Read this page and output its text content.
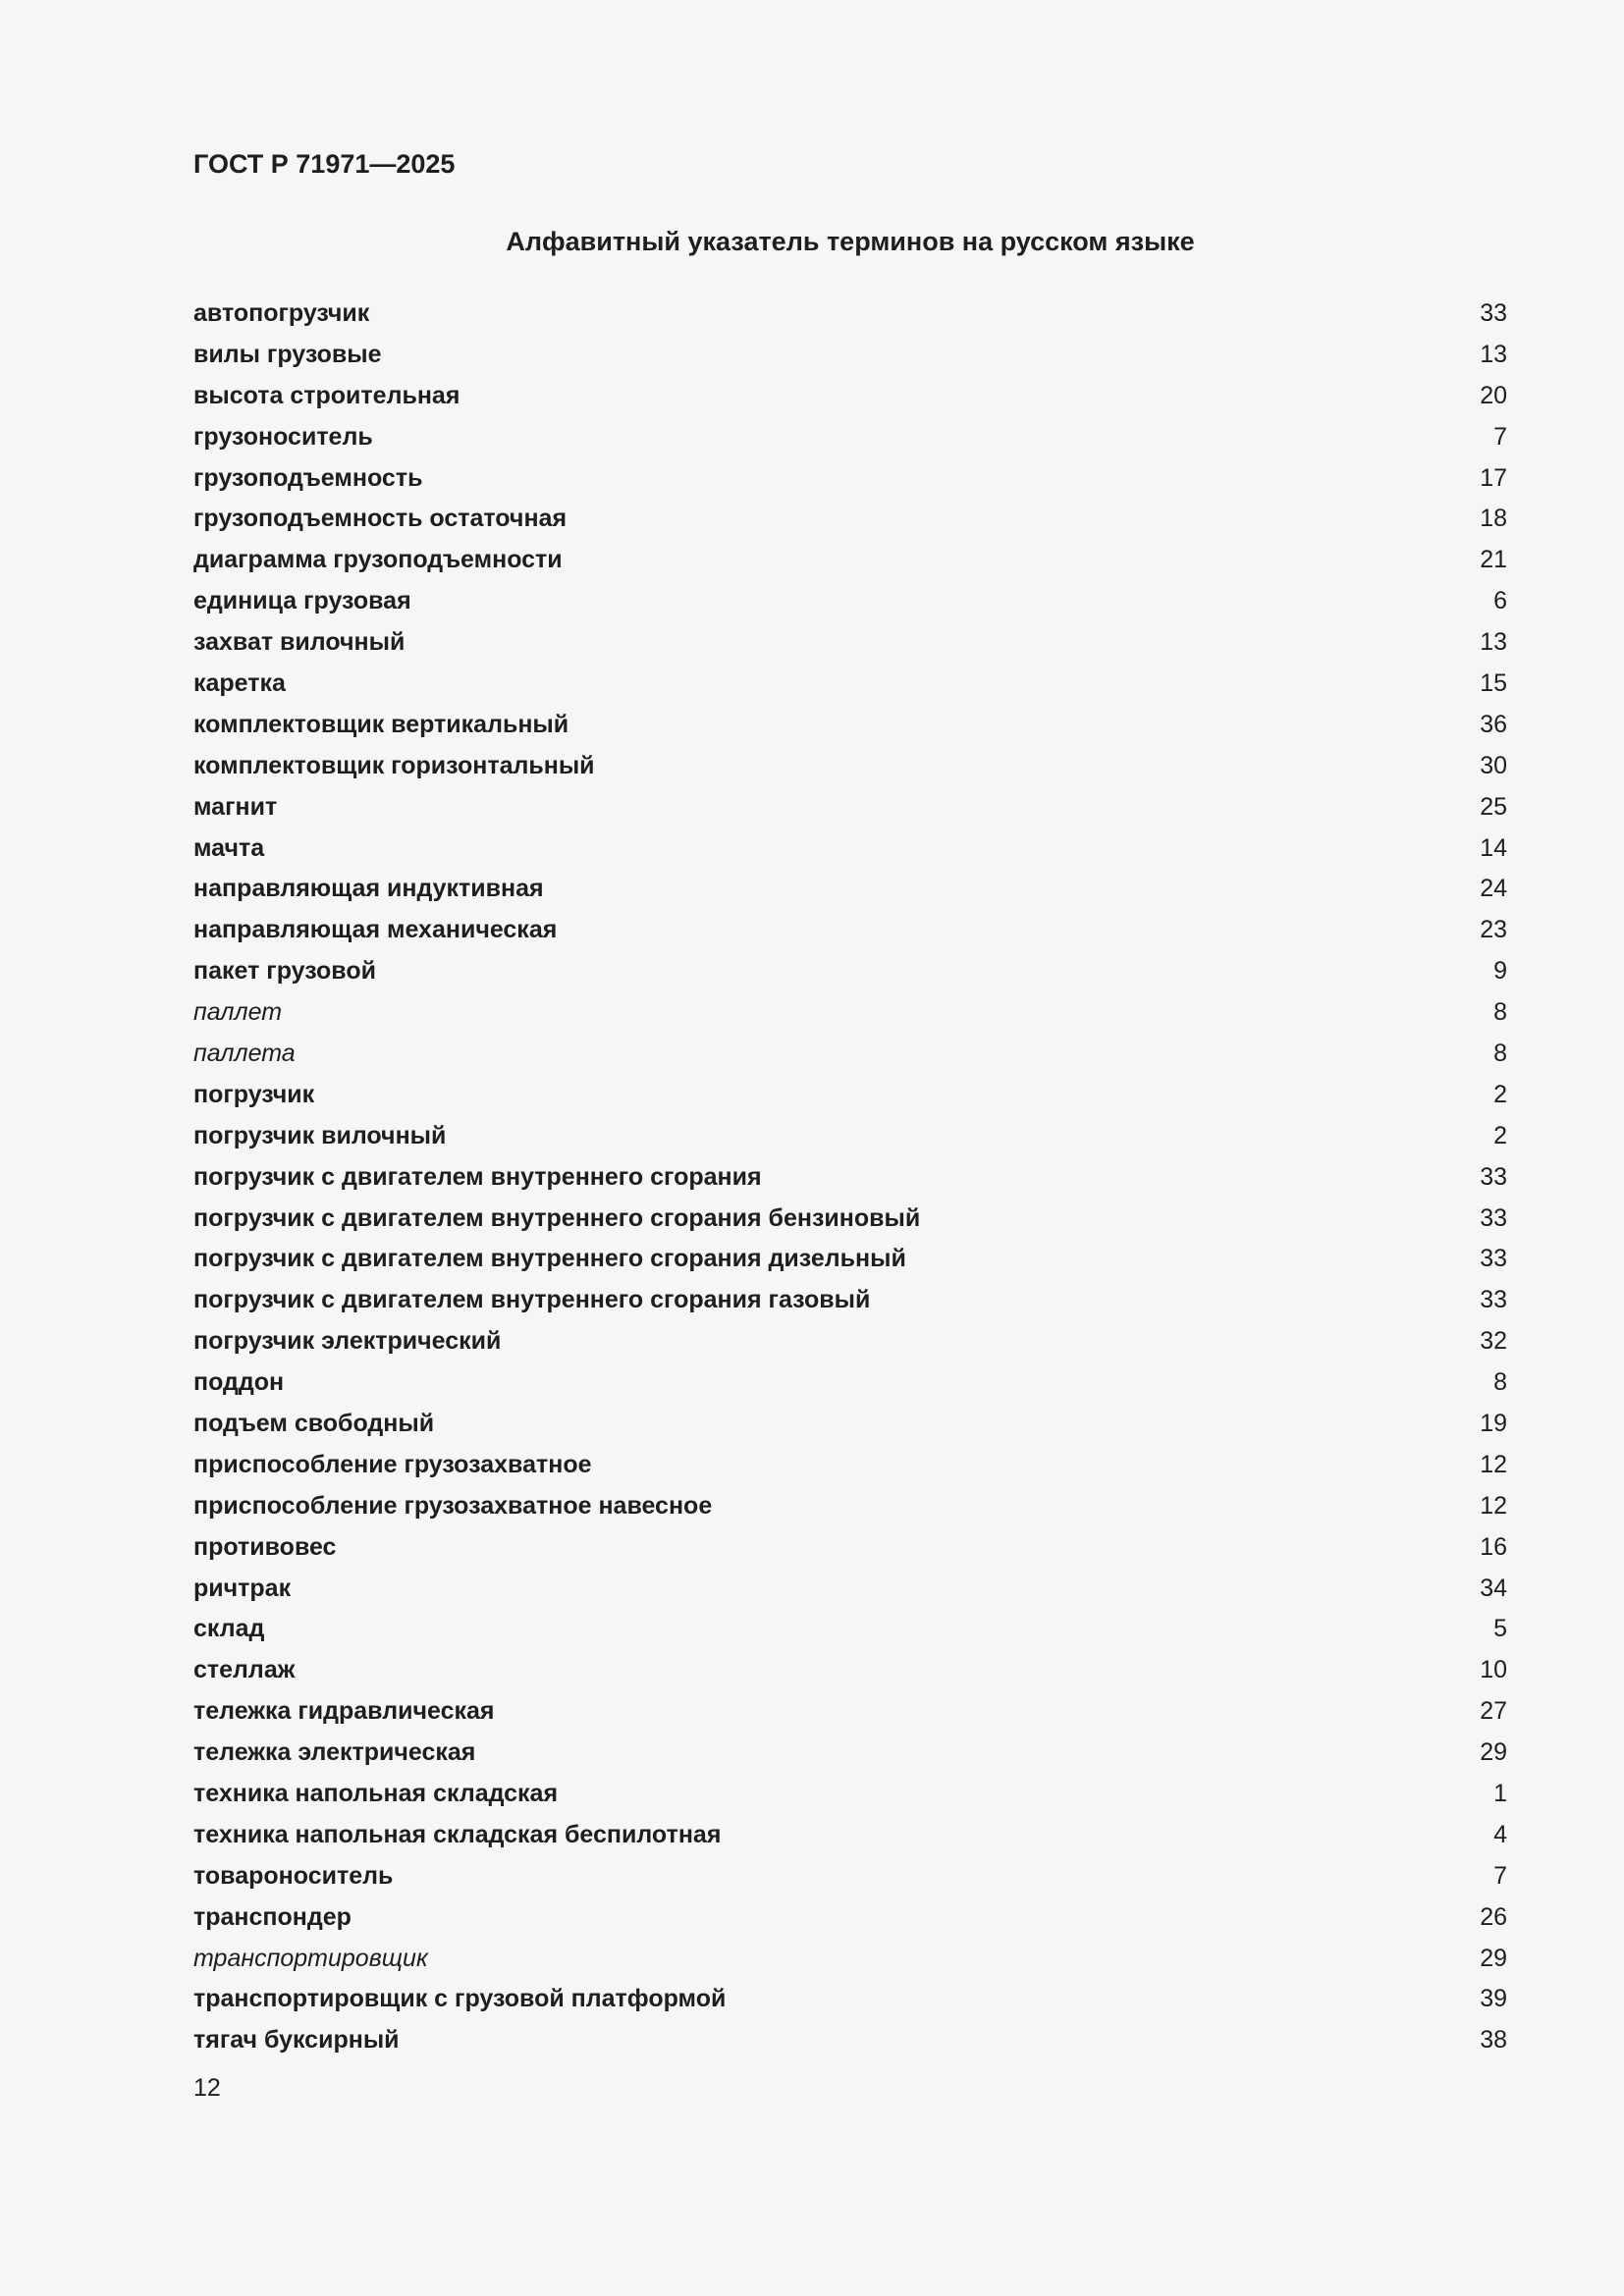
ГОСТ Р 71971—2025
Алфавитный указатель терминов на русском языке
автопогрузчик	33
вилы грузовые	13
высота строительная	20
грузоноситель	7
грузоподъемность	17
грузоподъемность остаточная	18
диаграмма грузоподъемности	21
единица грузовая	6
захват вилочный	13
каретка	15
комплектовщик вертикальный	36
комплектовщик горизонтальный	30
магнит	25
мачта	14
направляющая индуктивная	24
направляющая механическая	23
пакет грузовой	9
паллет	8
паллета	8
погрузчик	2
погрузчик вилочный	2
погрузчик с двигателем внутреннего сгорания	33
погрузчик с двигателем внутреннего сгорания бензиновый	33
погрузчик с двигателем внутреннего сгорания дизельный	33
погрузчик с двигателем внутреннего сгорания газовый	33
погрузчик электрический	32
поддон	8
подъем свободный	19
приспособление грузозахватное	12
приспособление грузозахватное навесное	12
противовес	16
ричтрак	34
склад	5
стеллаж	10
тележка гидравлическая	27
тележка электрическая	29
техника напольная складская	1
техника напольная складская беспилотная	4
товароноситель	7
транспондер	26
транспортировщик	29
транспортировщик с грузовой платформой	39
тягач буксирный	38
12
